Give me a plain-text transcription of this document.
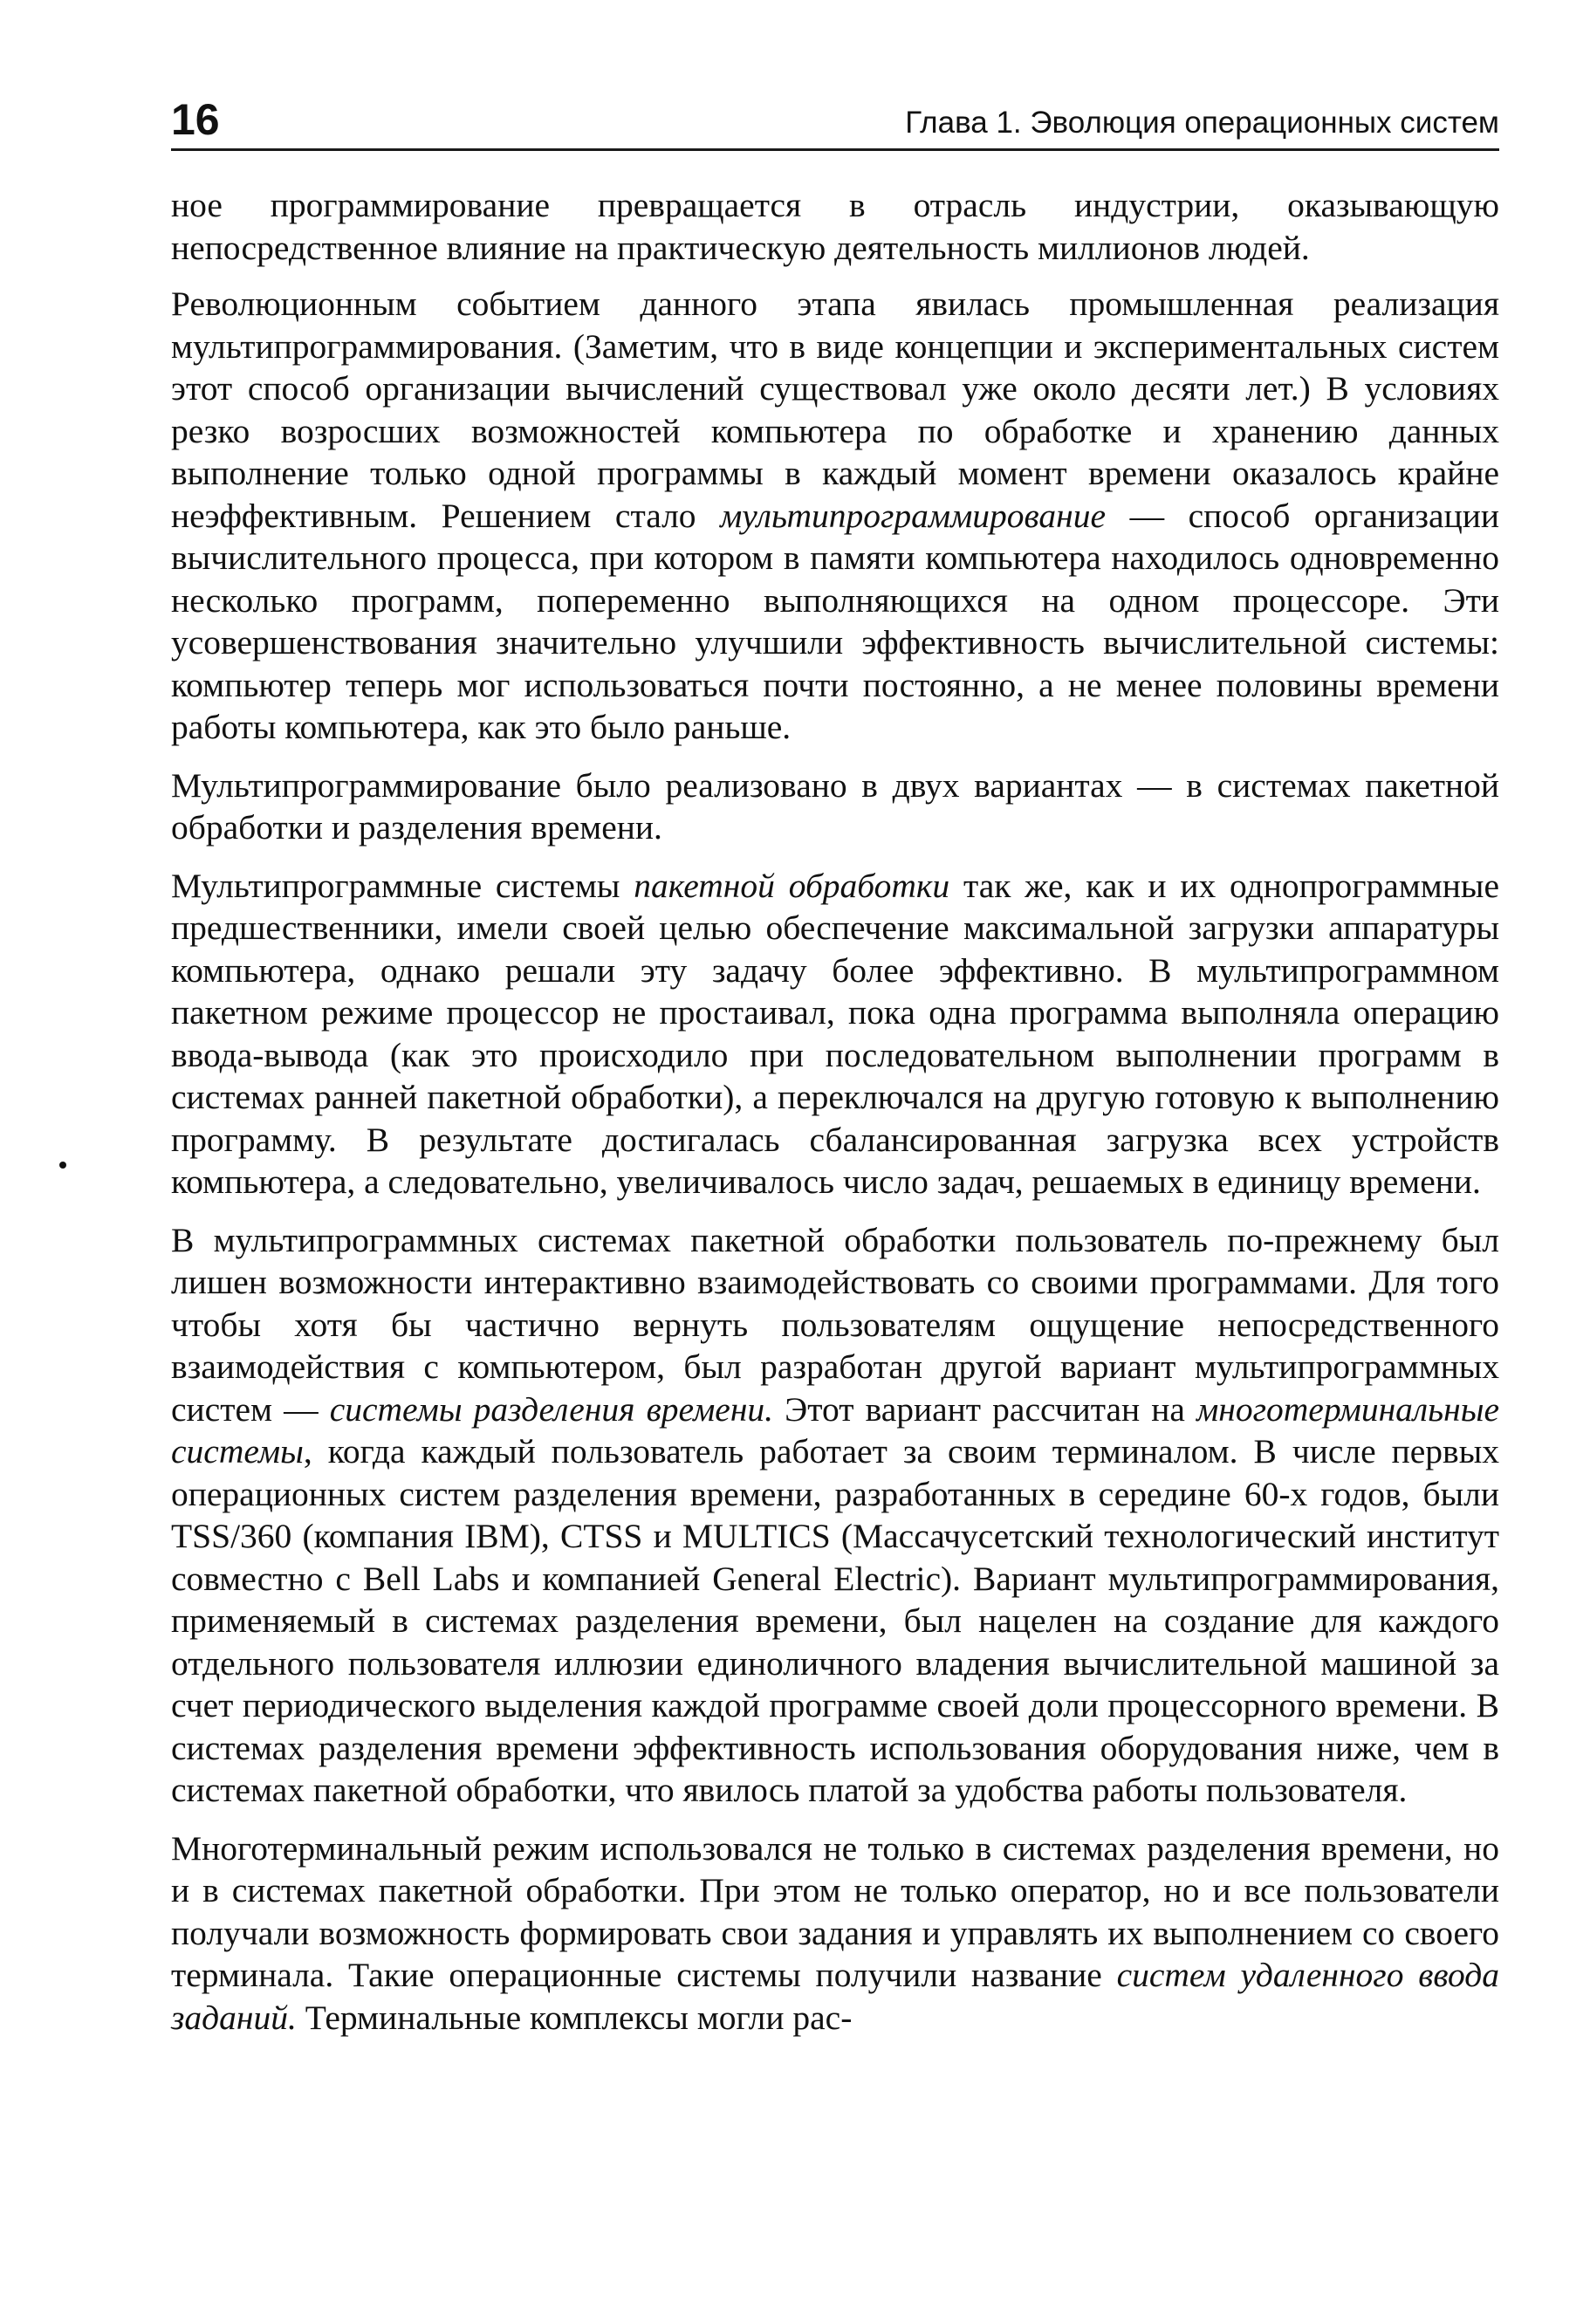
16	Глава 1. Эволюция операционных систем

ное программирование превращается в отрасль индустрии, оказывающую непосредственное влияние на практическую деятельность миллионов людей.

Революционным событием данного этапа явилась промышленная реализация мультипрограммирования. (Заметим, что в виде концепции и экспериментальных систем этот способ организации вычислений существовал уже около десяти лет.) В условиях резко возросших возможностей компьютера по обработке и хранению данных выполнение только одной программы в каждый момент времени оказалось крайне неэффективным. Решением стало мультипрограммирование — способ организации вычислительного процесса, при котором в памяти компьютера находилось одновременно несколько программ, попеременно выполняющихся на одном процессоре. Эти усовершенствования значительно улучшили эффективность вычислительной системы: компьютер теперь мог использоваться почти постоянно, а не менее половины времени работы компьютера, как это было раньше.

Мультипрограммирование было реализовано в двух вариантах — в системах пакетной обработки и разделения времени.

Мультипрограммные системы пакетной обработки так же, как и их однопрограммные предшественники, имели своей целью обеспечение максимальной загрузки аппаратуры компьютера, однако решали эту задачу более эффективно. В мультипрограммном пакетном режиме процессор не простаивал, пока одна программа выполняла операцию ввода-вывода (как это происходило при последовательном выполнении программ в системах ранней пакетной обработки), а переключался на другую готовую к выполнению программу. В результате достигалась сбалансированная загрузка всех устройств компьютера, а следовательно, увеличивалось число задач, решаемых в единицу времени.

В мультипрограммных системах пакетной обработки пользователь по-прежнему был лишен возможности интерактивно взаимодействовать со своими программами. Для того чтобы хотя бы частично вернуть пользователям ощущение непосредственного взаимодействия с компьютером, был разработан другой вариант мультипрограммных систем — системы разделения времени. Этот вариант рассчитан на многотерминальные системы, когда каждый пользователь работает за своим терминалом. В числе первых операционных систем разделения времени, разработанных в середине 60-х годов, были TSS/360 (компания IBM), CTSS и MULTICS (Массачусетский технологический институт совместно с Bell Labs и компанией General Electric). Вариант мультипрограммирования, применяемый в системах разделения времени, был нацелен на создание для каждого отдельного пользователя иллюзии единоличного владения вычислительной машиной за счет периодического выделения каждой программе своей доли процессорного времени. В системах разделения времени эффективность использования оборудования ниже, чем в системах пакетной обработки, что явилось платой за удобства работы пользователя.

Многотерминальный режим использовался не только в системах разделения времени, но и в системах пакетной обработки. При этом не только оператор, но и все пользователи получали возможность формировать свои задания и управлять их выполнением со своего терминала. Такие операционные системы получили название систем удаленного ввода заданий. Терминальные комплексы могли рас-
